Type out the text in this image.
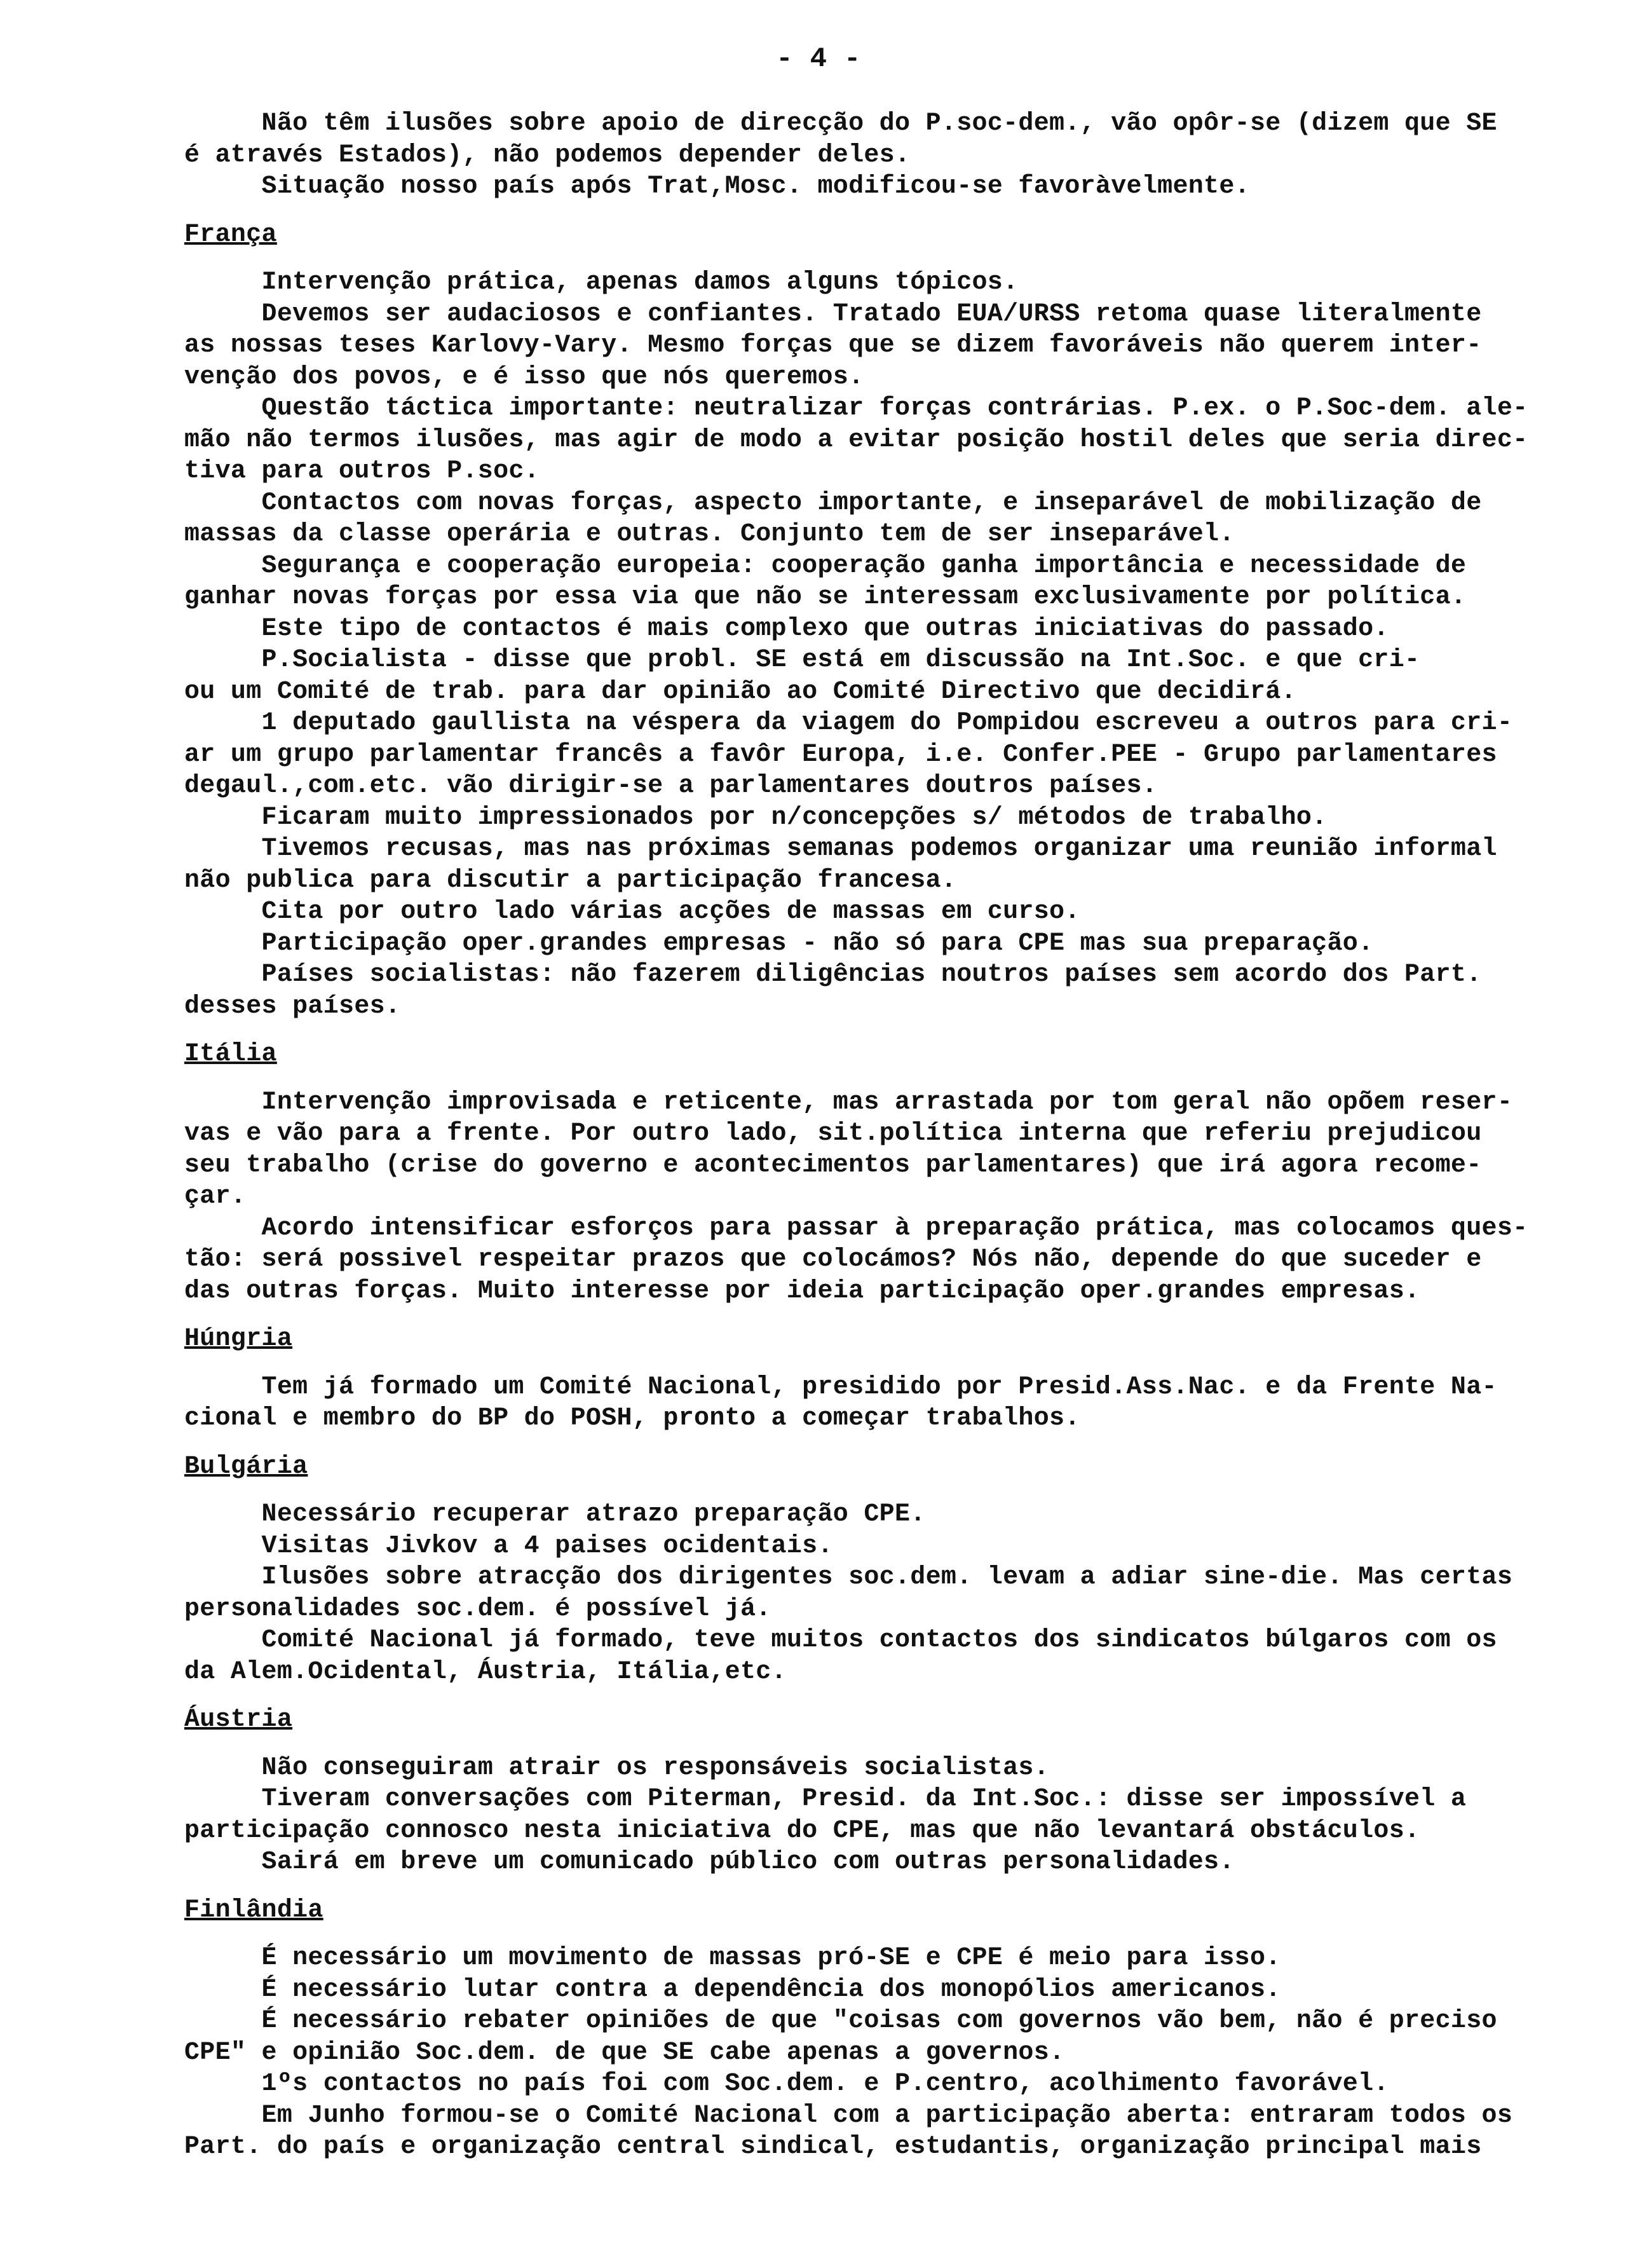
- 4 -
Não têm ilusões sobre apoio de direcção do P.soc-dem., vão opôr-se (dizem que SE
é através Estados), não podemos depender deles.
Situação nosso país após Trat,Mosc. modificou-se favoràvelmente.
França
Intervenção prática, apenas damos alguns tópicos.
Devemos ser audaciosos e confiantes. Tratado EUA/URSS retoma quase literalmente
as nossas teses Karlovy-Vary. Mesmo forças que se dizem favoráveis não querem inter-
venção dos povos, e é isso que nós queremos.
Questão táctica importante: neutralizar forças contrárias. P.ex. o P.Soc-dem. ale-
mão não termos ilusões, mas agir de modo a evitar posição hostil deles que seria direc-
tiva para outros P.soc.
Contactos com novas forças, aspecto importante, e inseparável de mobilização de
massas da classe operária e outras. Conjunto tem de ser inseparável.
Segurança e cooperação europeia: cooperação ganha importância e necessidade de
ganhar novas forças por essa via que não se interessam exclusivamente por política.
Este tipo de contactos é mais complexo que outras iniciativas do passado.
P.Socialista - disse que probl. SE está em discussão na Int.Soc. e que cri-
ou um Comité de trab. para dar opinião ao Comité Directivo que decidirá.
1 deputado gaullista na véspera da viagem do Pompidou escreveu a outros para cri-
ar um grupo parlamentar francês a favôr Europa, i.e. Confer.PEE - Grupo parlamentares
degaul.,com.etc. vão dirigir-se a parlamentares doutros países.
Ficaram muito impressionados por n/concepções s/ métodos de trabalho.
Tivemos recusas, mas nas próximas semanas podemos organizar uma reunião informal
não publica para discutir a participação francesa.
Cita por outro lado várias acções de massas em curso.
Participação oper.grandes empresas - não só para CPE mas sua preparação.
Países socialistas: não fazerem diligências noutros países sem acordo dos Part.
desses países.
Itália
Intervenção improvisada e reticente, mas arrastada por tom geral não opõem reser-
vas e vão para a frente. Por outro lado, sit.política interna que referiu prejudicou
seu trabalho (crise do governo e acontecimentos parlamentares) que irá agora recome-
çar.
Acordo intensificar esforços para passar à preparação prática, mas colocamos ques-
tão: será possivel respeitar prazos que colocámos? Nós não, depende do que suceder e
das outras forças. Muito interesse por ideia participação oper.grandes empresas.
Húngria
Tem já formado um Comité Nacional, presidido por Presid.Ass.Nac. e da Frente Na-
cional e membro do BP do POSH, pronto a começar trabalhos.
Bulgária
Necessário recuperar atrazo preparação CPE.
Visitas Jivkov a 4 paises ocidentais.
Ilusões sobre atracção dos dirigentes soc.dem. levam a adiar sine-die. Mas certas
personalidades soc.dem. é possível já.
Comité Nacional já formado, teve muitos contactos dos sindicatos búlgaros com os
da Alem.Ocidental, Áustria, Itália,etc.
Áustria
Não conseguiram atrair os responsáveis socialistas.
Tiveram conversações com Piterman, Presid. da Int.Soc.: disse ser impossível a
participação connosco nesta iniciativa do CPE, mas que não levantará obstáculos.
Sairá em breve um comunicado público com outras personalidades.
Finlândia
É necessário um movimento de massas pró-SE e CPE é meio para isso.
É necessário lutar contra a dependência dos monopólios americanos.
É necessário rebater opiniões de que "coisas com governos vão bem, não é preciso
CPE" e opinião Soc.dem. de que SE cabe apenas a governos.
1ºs contactos no país foi com Soc.dem. e P.centro, acolhimento favorável.
Em Junho formou-se o Comité Nacional com a participação aberta: entraram todos os
Part. do país e organização central sindical, estudantis, organização principal mais
